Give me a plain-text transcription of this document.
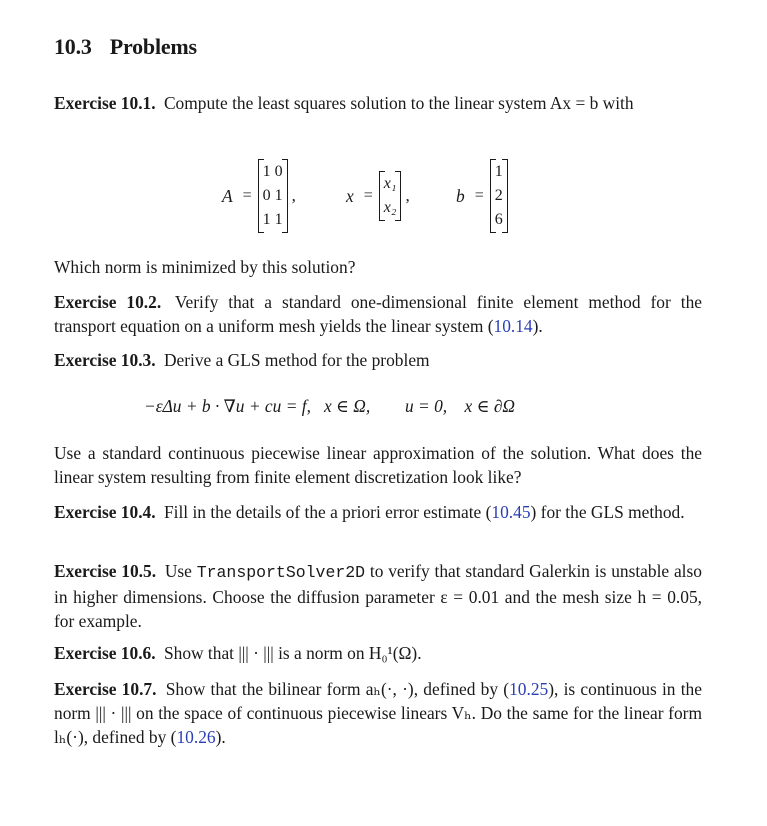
10.3 Problems

Exercise 10.1. Compute the least squares solution to the linear system Ax = b with

A =
1 0
0 1
1 1
,	x =
x₁
x₂
,	b =
1
2
6

Which norm is minimized by this solution?

Exercise 10.2. Verify that a standard one-dimensional finite element method for the transport equation on a uniform mesh yields the linear system (10.14).

Exercise 10.3. Derive a GLS method for the problem

−εΔu + b · ∇u + cu = f,   x ∈ Ω,        u = 0,    x ∈ ∂Ω

Use a standard continuous piecewise linear approximation of the solution. What does the linear system resulting from finite element discretization look like?

Exercise 10.4. Fill in the details of the a priori error estimate (10.45) for the GLS method.

Exercise 10.5. Use TransportSolver2D to verify that standard Galerkin is unstable also in higher dimensions. Choose the diffusion parameter ε = 0.01 and the mesh size h = 0.05, for example.

Exercise 10.6. Show that ||| · ||| is a norm on H₀¹(Ω).

Exercise 10.7. Show that the bilinear form aₕ(·, ·), defined by (10.25), is continuous in the norm ||| · ||| on the space of continuous piecewise linears Vₕ. Do the same for the linear form lₕ(·), defined by (10.26).
